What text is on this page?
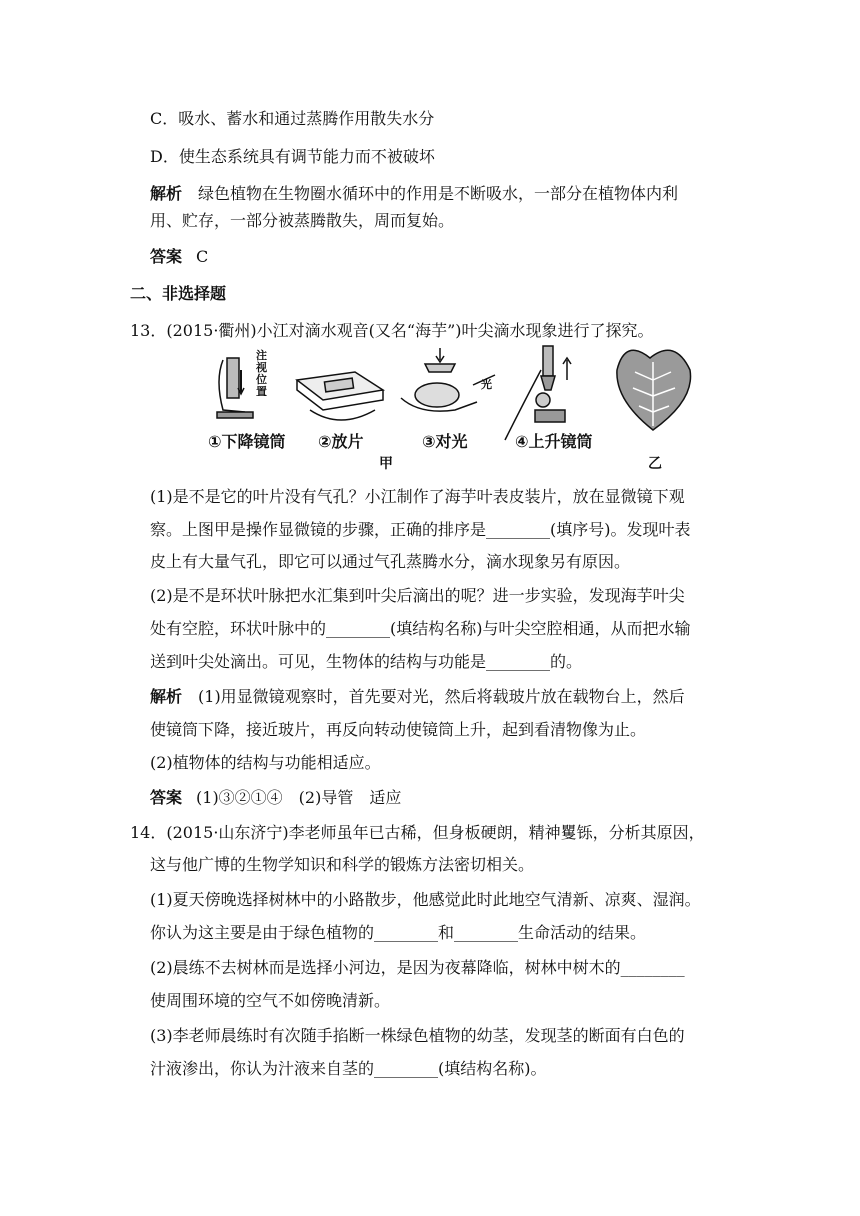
C．吸水、蓄水和通过蒸腾作用散失水分
D．使生态系统具有调节能力而不被破坏
解析 绿色植物在生物圈水循环中的作用是不断吸水，一部分在植物体内利
用、贮存，一部分被蒸腾散失，周而复始。
答案 C
二、非选择题
13．(2015·衢州)小江对滴水观音(又名“海芋”)叶尖滴水现象进行了探究。
①下降镜筒 ②放片	③对光	④上升镜筒
注视位置
光
甲	乙
(1)是不是它的叶片没有气孔？小江制作了海芋叶表皮装片，放在显微镜下观
察。上图甲是操作显微镜的步骤，正确的排序是________(填序号)。发现叶表
皮上有大量气孔，即它可以通过气孔蒸腾水分，滴水现象另有原因。
(2)是不是环状叶脉把水汇集到叶尖后滴出的呢？进一步实验，发现海芋叶尖
处有空腔，环状叶脉中的________(填结构名称)与叶尖空腔相通，从而把水输
送到叶尖处滴出。可见，生物体的结构与功能是________的。
解析 (1)用显微镜观察时，首先要对光，然后将载玻片放在载物台上，然后
使镜筒下降，接近玻片，再反向转动使镜筒上升，起到看清物像为止。
(2)植物体的结构与功能相适应。
答案 (1)③②①④　(2)导管　适应
14．(2015·山东济宁)李老师虽年已古稀，但身板硬朗，精神矍铄，分析其原因，
这与他广博的生物学知识和科学的锻炼方法密切相关。
(1)夏天傍晚选择树林中的小路散步，他感觉此时此地空气清新、凉爽、湿润。
你认为这主要是由于绿色植物的________和________生命活动的结果。
(2)晨练不去树林而是选择小河边，是因为夜幕降临，树林中树木的________
使周围环境的空气不如傍晚清新。
(3)李老师晨练时有次随手掐断一株绿色植物的幼茎，发现茎的断面有白色的
汁液渗出，你认为汁液来自茎的________(填结构名称)。
